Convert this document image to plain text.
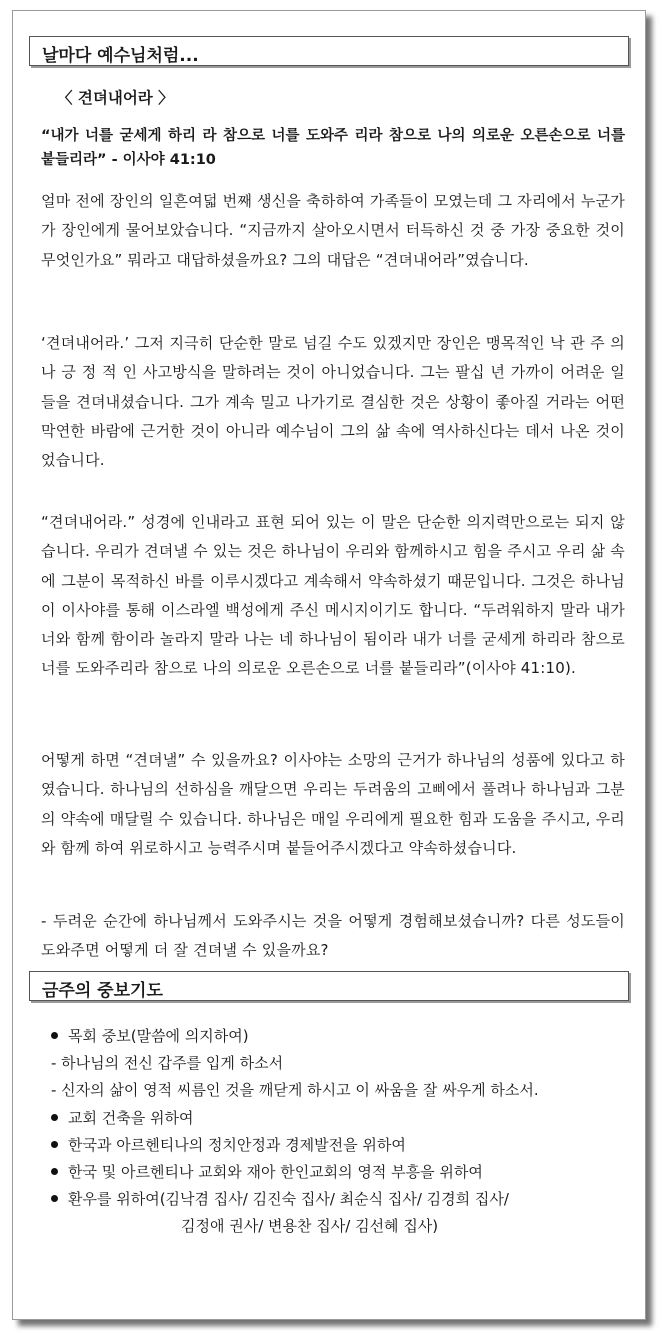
날마다 예수님처럼...
〈 견뎌내어라 〉
“내가 너를 굳세게 하리 라 참으로 너를 도와주 리라 참으로 나의 의로운 오른손으로 너를 붙들리라” - 이사야 41:10
얼마 전에 장인의 일흔여덟 번째 생신을 축하하여 가족들이 모였는데 그 자리에서 누군가가 장인에게 물어보았습니다. “지금까지 살아오시면서 터득하신 것 중 가장 중요한 것이 무엇인가요” 뭐라고 대답하셨을까요? 그의 대답은 “견뎌내어라”였습니다.
‘견뎌내어라.’ 그저 지극히 단순한 말로 넘길 수도 있겠지만 장인은 맹목적인 낙 관 주 의 나 긍 정 적 인 사고방식을 말하려는 것이 아니었습니다. 그는 팔십 년 가까이 어려운 일들을 견뎌내셨습니다. 그가 계속 밀고 나가기로 결심한 것은 상황이 좋아질 거라는 어떤 막연한 바람에 근거한 것이 아니라 예수님이 그의 삶 속에 역사하신다는 데서 나온 것이었습니다.
“견뎌내어라.” 성경에 인내라고 표현 되어 있는 이 말은 단순한 의지력만으로는 되지 않습니다. 우리가 견뎌낼 수 있는 것은 하나님이 우리와 함께하시고 힘을 주시고 우리 삶 속에 그분이 목적하신 바를 이루시겠다고 계속해서 약속하셨기 때문입니다. 그것은 하나님이 이사야를 통해 이스라엘 백성에게 주신 메시지이기도 합니다. “두려워하지 말라 내가 너와 함께 함이라 놀라지 말라 나는 네 하나님이 됨이라 내가 너를 굳세게 하리라 참으로 너를 도와주리라 참으로 나의 의로운 오른손으로 너를 붙들리라”(이사야 41:10).
어떻게 하면 “견뎌낼” 수 있을까요? 이사야는 소망의 근거가 하나님의 성품에 있다고 하였습니다. 하나님의 선하심을 깨달으면 우리는 두려움의 고삐에서 풀려나 하나님과 그분의 약속에 매달릴 수 있습니다. 하나님은 매일 우리에게 필요한 힘과 도움을 주시고, 우리와 함께 하여 위로하시고 능력주시며 붙들어주시겠다고 약속하셨습니다.
- 두려운 순간에 하나님께서 도와주시는 것을 어떻게 경험해보셨습니까? 다른 성도들이 도와주면 어떻게 더 잘 견뎌낼 수 있을까요?
금주의 중보기도
목회 중보(말씀에 의지하여)
- 하나님의 전신 갑주를 입게 하소서
- 신자의 삶이 영적 씨름인 것을 깨닫게 하시고 이 싸움을 잘 싸우게 하소서.
교회 건축을 위하여
한국과 아르헨티나의 정치안정과 경제발전을 위하여
한국 및 아르헨티나 교회와 재아 한인교회의 영적 부흥을 위하여
환우를 위하여(김낙겸 집사/ 김진숙 집사/ 최순식 집사/ 김경희 집사/
김정애 권사/ 변용찬 집사/ 김선혜 집사)
